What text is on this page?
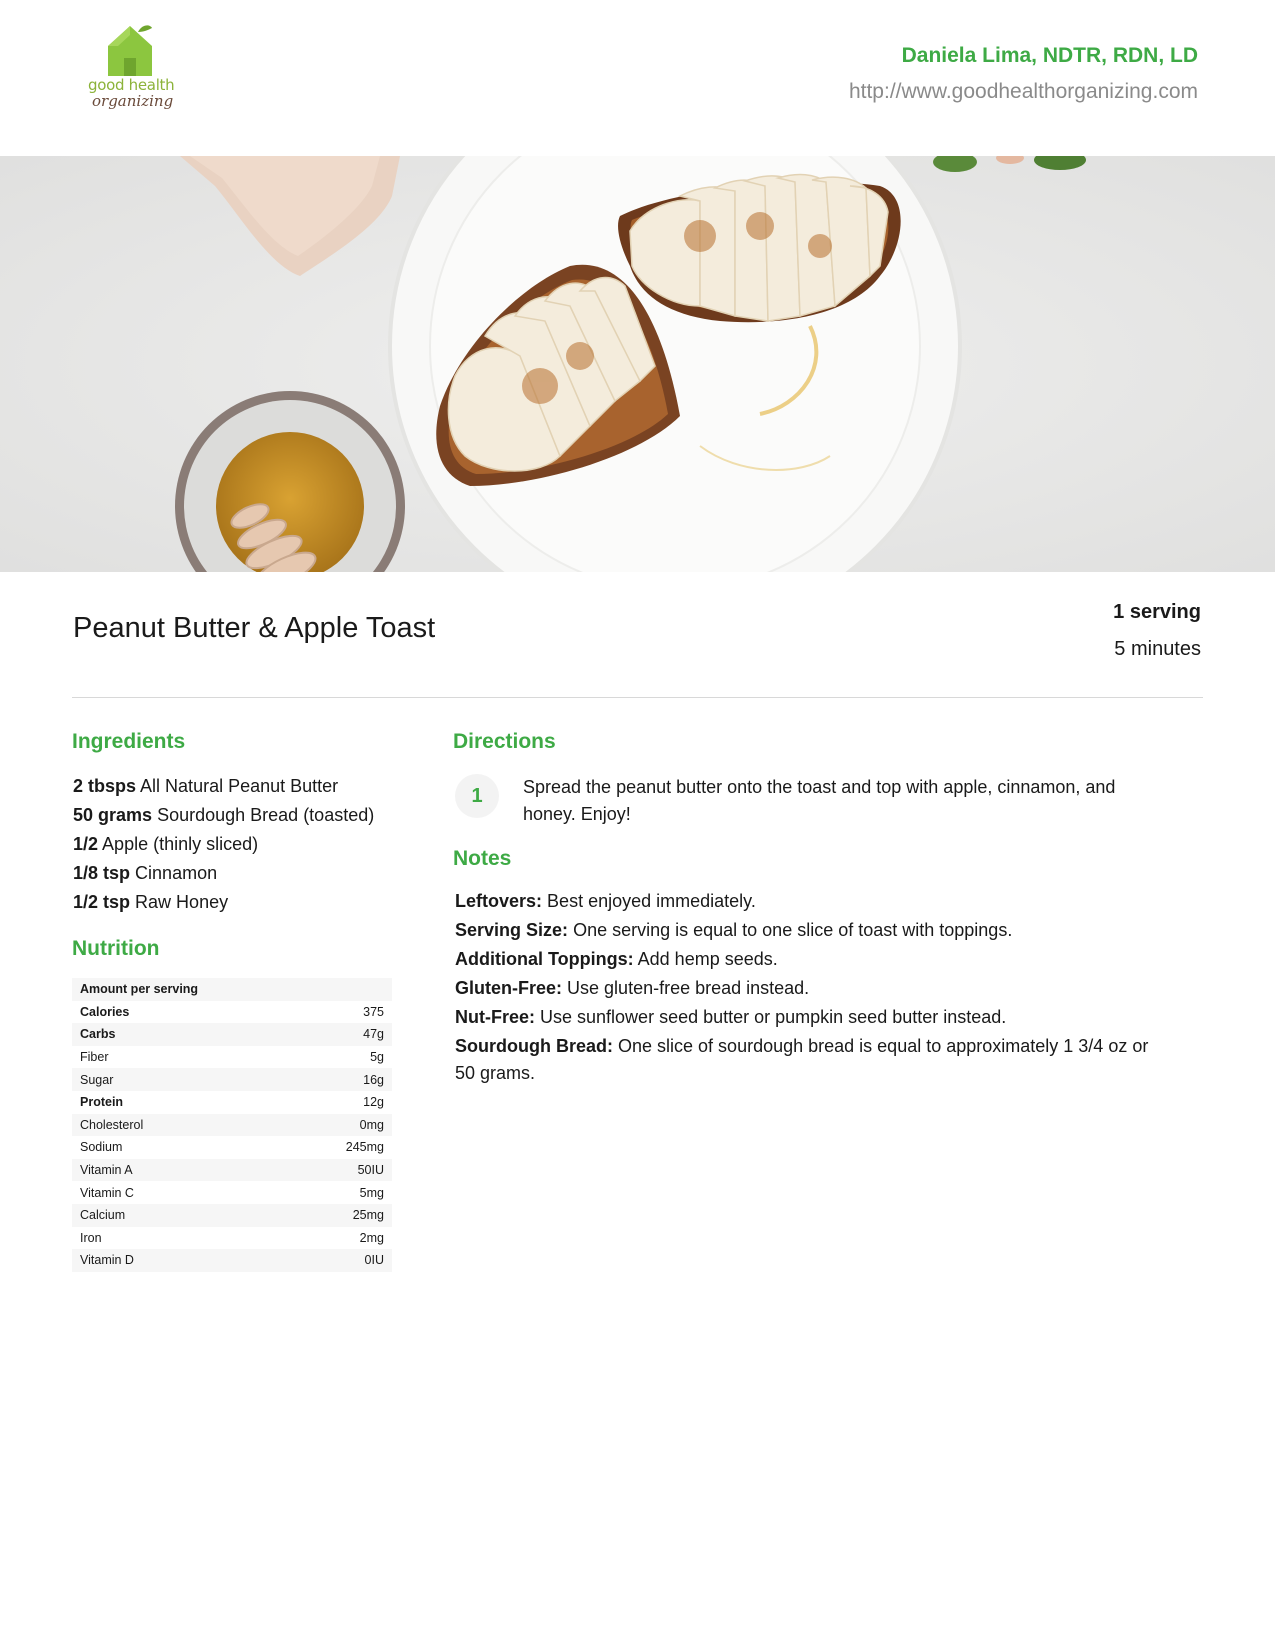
good health
organizing
Daniela Lima, NDTR, RDN, LD
http://www.goodhealthorganizing.com
Peanut Butter & Apple Toast	1 serving
5 minutes
Ingredients
2 tbsps All Natural Peanut Butter
50 grams Sourdough Bread (toasted)
1/2 Apple (thinly sliced)
1/8 tsp Cinnamon
1/2 tsp Raw Honey
Nutrition
Amount per serving
Calories	375
Carbs	47g
Fiber	5g
Sugar	16g
Protein	12g
Cholesterol	0mg
Sodium	245mg
Vitamin A	50IU
Vitamin C	5mg
Calcium	25mg
Iron	2mg
Vitamin D	0IU
Directions
1	Spread the peanut butter onto the toast and top with apple, cinnamon, and honey. Enjoy!
Notes
Leftovers: Best enjoyed immediately.
Serving Size: One serving is equal to one slice of toast with toppings.
Additional Toppings: Add hemp seeds.
Gluten-Free: Use gluten-free bread instead.
Nut-Free: Use sunflower seed butter or pumpkin seed butter instead.
Sourdough Bread: One slice of sourdough bread is equal to approximately 1 3/4 oz or 50 grams.
